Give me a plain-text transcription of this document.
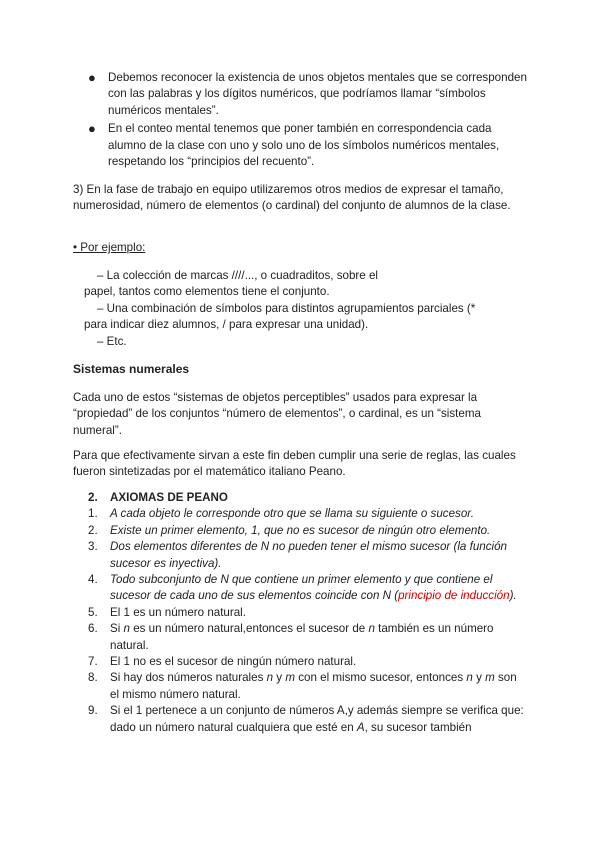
● Debemos reconocer la existencia de unos objetos mentales que se corresponden con las palabras y los dígitos numéricos, que podríamos llamar “símbolos numéricos mentales”.
● En el conteo mental tenemos que poner también en correspondencia cada alumno de la clase con uno y solo uno de los símbolos numéricos mentales, respetando los “principios del recuento”.

3) En la fase de trabajo en equipo utilizaremos otros medios de expresar el tamaño, numerosidad, número de elementos (o cardinal) del conjunto de alumnos de la clase.

• Por ejemplo:

– La colección de marcas ////..., o cuadraditos, sobre el
papel, tantos como elementos tiene el conjunto.
– Una combinación de símbolos para distintos agrupamientos parciales (*
para indicar diez alumnos, / para expresar una unidad).
– Etc.
Sistemas numerales

Cada uno de estos “sistemas de objetos perceptibles” usados para expresar la “propiedad” de los conjuntos “número de elementos”, o cardinal, es un “sistema numeral”.

Para que efectivamente sirvan a este fin deben cumplir una serie de reglas, las cuales fueron sintetizadas por el matemático italiano Peano.

2. AXIOMAS DE PEANO
1. A cada objeto le corresponde otro que se llama su siguiente o sucesor.
2. Existe un primer elemento, 1, que no es sucesor de ningún otro elemento.
3. Dos elementos diferentes de N no pueden tener el mismo sucesor (la función sucesor es inyectiva).
4. Todo subconjunto de N que contiene un primer elemento y que contiene el sucesor de cada uno de sus elementos coincide con N (principio de inducción).
5. El 1 es un número natural.
6. Si n es un número natural,entonces el sucesor de n también es un número natural.
7. El 1 no es el sucesor de ningún número natural.
8. Si hay dos números naturales n y m con el mismo sucesor, entonces n y m son el mismo número natural.
9. Si el 1 pertenece a un conjunto de números A,y además siempre se verifica que: dado un número natural cualquiera que esté en A, su sucesor también
